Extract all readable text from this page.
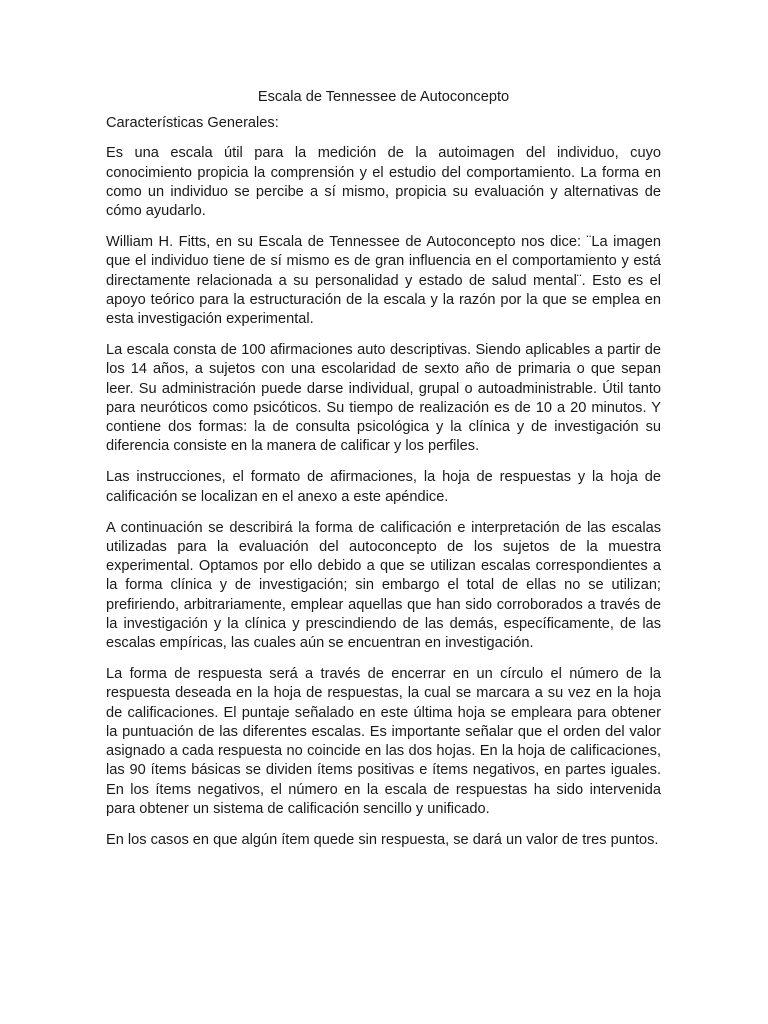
Escala de Tennessee de Autoconcepto

Características Generales:

Es una escala útil para la medición de la autoimagen del individuo, cuyo conocimiento propicia la comprensión y el estudio del comportamiento. La forma en como un individuo se percibe a sí mismo, propicia su evaluación y alternativas de cómo ayudarlo.

William H. Fitts, en su Escala de Tennessee de Autoconcepto nos dice: ¨La imagen que el individuo tiene de sí mismo es de gran influencia en el comportamiento y está directamente relacionada a su personalidad y estado de salud mental¨. Esto es el apoyo teórico para la estructuración de la escala y la razón por la que se emplea en esta investigación experimental.

La escala consta de 100 afirmaciones auto descriptivas. Siendo aplicables a partir de los 14 años, a sujetos con una escolaridad de sexto año de primaria o que sepan leer. Su administración puede darse individual, grupal o autoadministrable. Útil tanto para neuróticos como psicóticos. Su tiempo de realización es de 10 a 20 minutos. Y contiene dos formas: la de consulta psicológica y la clínica y de investigación su diferencia consiste en la manera de calificar y los perfiles.

Las instrucciones, el formato de afirmaciones, la hoja de respuestas y la hoja de calificación se localizan en el anexo a este apéndice.

A continuación se describirá la forma de calificación e interpretación de las escalas utilizadas para la evaluación del autoconcepto de los sujetos de la muestra experimental. Optamos por ello debido a que se utilizan escalas correspondientes a la forma clínica y de investigación; sin embargo el total de ellas no se utilizan; prefiriendo, arbitrariamente, emplear aquellas que han sido corroborados a través de la investigación y la clínica y prescindiendo de las demás, específicamente, de las escalas empíricas, las cuales aún se encuentran en investigación.

La forma de respuesta será a través de encerrar en un círculo el número de la respuesta deseada en la hoja de respuestas, la cual se marcara a su vez en la hoja de calificaciones. El puntaje señalado en este última hoja se empleara para obtener la puntuación de las diferentes escalas. Es importante señalar que el orden del valor asignado a cada respuesta no coincide en las dos hojas. En la hoja de calificaciones, las 90 ítems básicas se dividen ítems positivas e ítems negativos, en partes iguales. En los ítems negativos, el número en la escala de respuestas ha sido intervenida para obtener un sistema de calificación sencillo y unificado.

En los casos en que algún ítem quede sin respuesta, se dará un valor de tres puntos.
